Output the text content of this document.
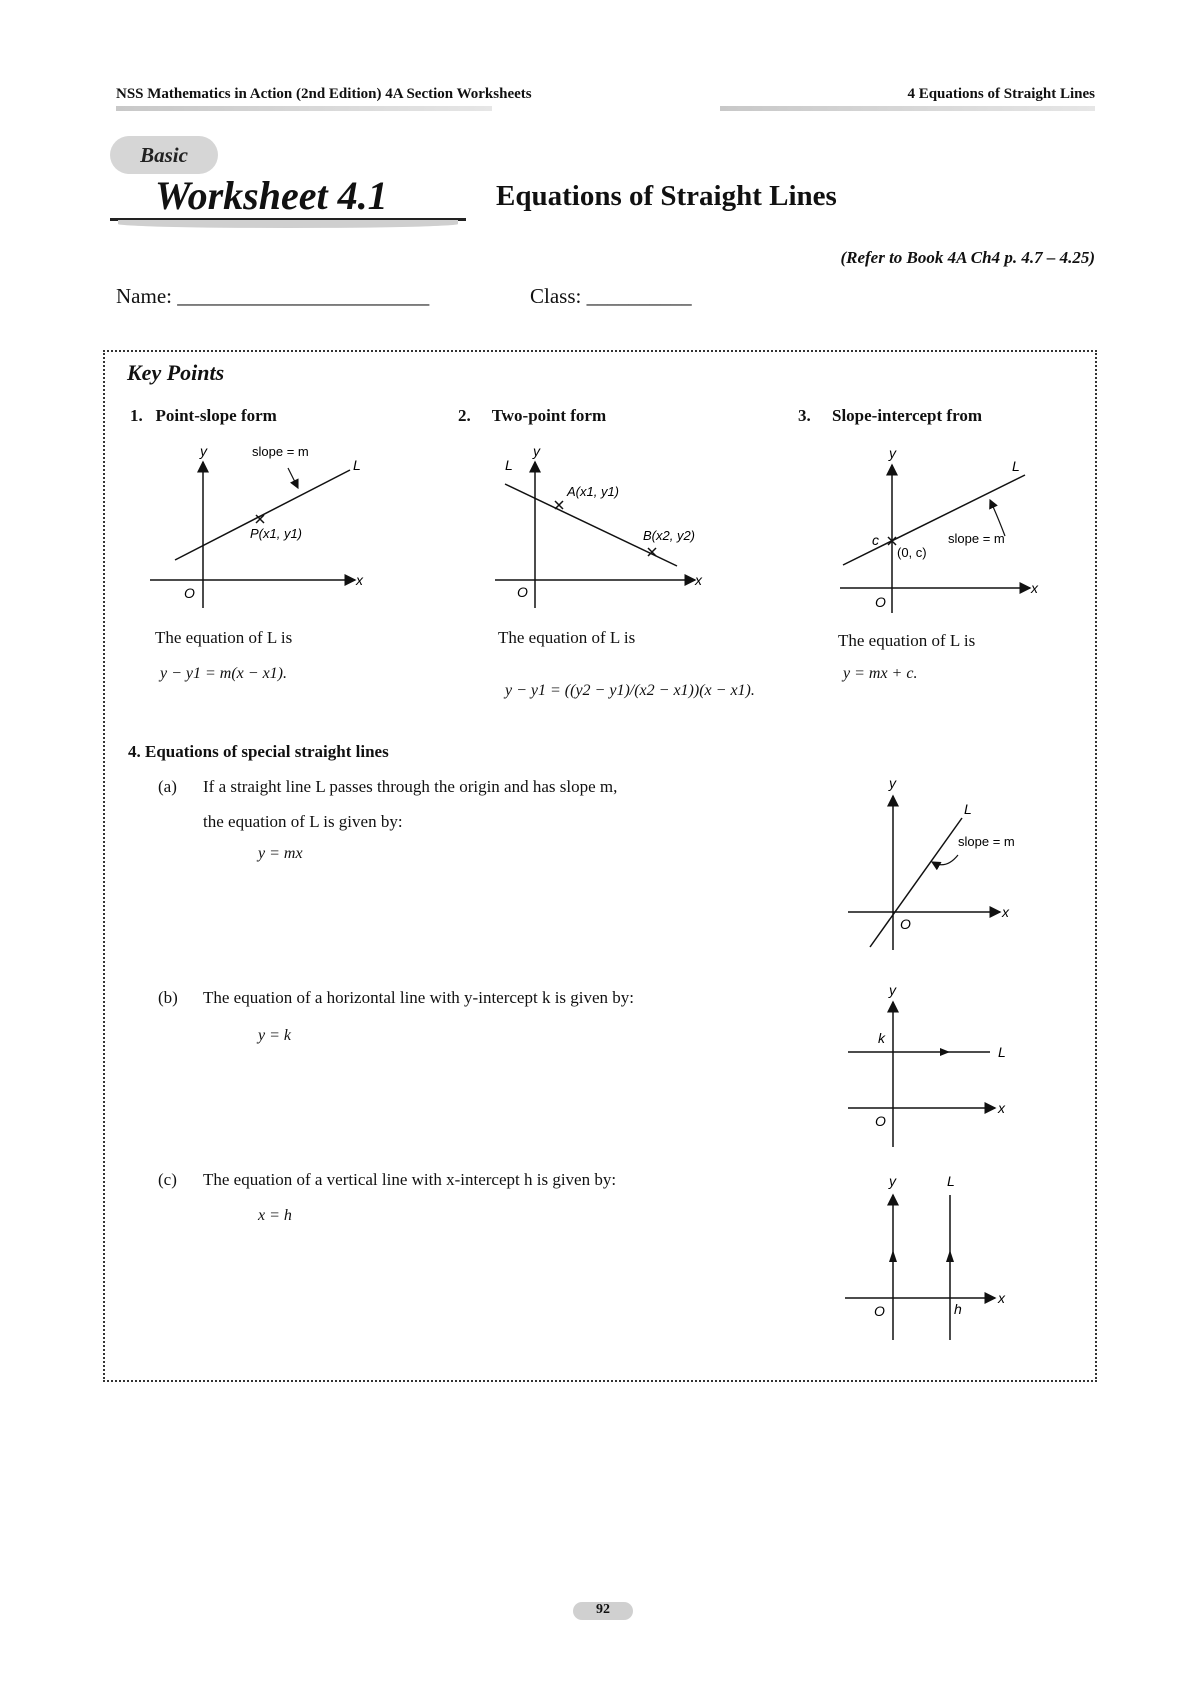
NSS Mathematics in Action (2nd Edition) 4A Section Worksheets	4 Equations of Straight Lines
Basic
Worksheet 4.1	Equations of Straight Lines
(Refer to Book 4A Ch4 p. 4.7 – 4.25)
Name: ________________________	Class: __________
Key Points
1. Point-slope form	2. Two-point form	3. Slope-intercept from
x
y
O
L
slope = m
P(x1, y1)
x
y
O
L
A(x1, y1)
B(x2, y2)
x
y
O
L
c
(0, c)
slope = m
The equation of L is
y − y1 = m(x − x1).
The equation of L is
y − y1 = ((y2 − y1)/(x2 − x1))(x − x1).
The equation of L is
y = mx + c.
4. Equations of special straight lines
(a) If a straight line L passes through the origin and has slope m,
the equation of L is given by:
y = mx
(b) The equation of a horizontal line with y-intercept k is given by:
y = k
(c) The equation of a vertical line with x-intercept h is given by:
x = h
x
y
O
L
slope = m
x
y
O
L
k
x
y	L
O	h
92
